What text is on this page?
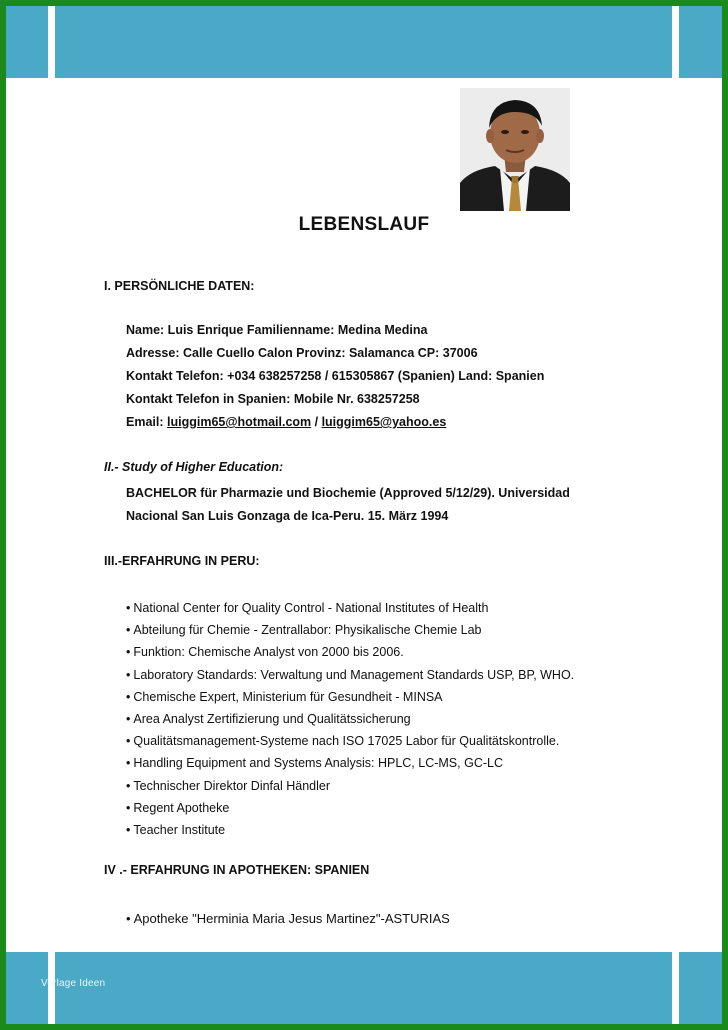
Vorlage Ideen
LEBENSLAUF
I. PERSÖNLICHE DATEN:
Name: Luis Enrique Familienname: Medina Medina
Adresse: Calle Cuello Calon Provinz: Salamanca CP: 37006
Kontakt Telefon: +034 638257258 / 615305867 (Spanien) Land: Spanien
Kontakt Telefon in Spanien: Mobile Nr. 638257258
Email: luiggim65@hotmail.com / luiggim65@yahoo.es
II.- Study of Higher Education:
BACHELOR für Pharmazie und Biochemie (Approved 5/12/29). Universidad
Nacional San Luis Gonzaga de Ica-Peru. 15. März 1994
III.-ERFAHRUNG IN PERU:
• National Center for Quality Control - National Institutes of Health
• Abteilung für Chemie - Zentrallabor: Physikalische Chemie Lab
• Funktion: Chemische Analyst von 2000 bis 2006.
• Laboratory Standards: Verwaltung und Management Standards USP, BP, WHO.
• Chemische Expert, Ministerium für Gesundheit - MINSA
• Area Analyst Zertifizierung und Qualitätssicherung
• Qualitätsmanagement-Systeme nach ISO 17025 Labor für Qualitätskontrolle.
• Handling Equipment and Systems Analysis: HPLC, LC-MS, GC-LC
• Technischer Direktor Dinfal Händler
• Regent Apotheke
• Teacher Institute
IV .- ERFAHRUNG IN APOTHEKEN: SPANIEN
• Apotheke "Herminia Maria Jesus Martinez"-ASTURIAS
